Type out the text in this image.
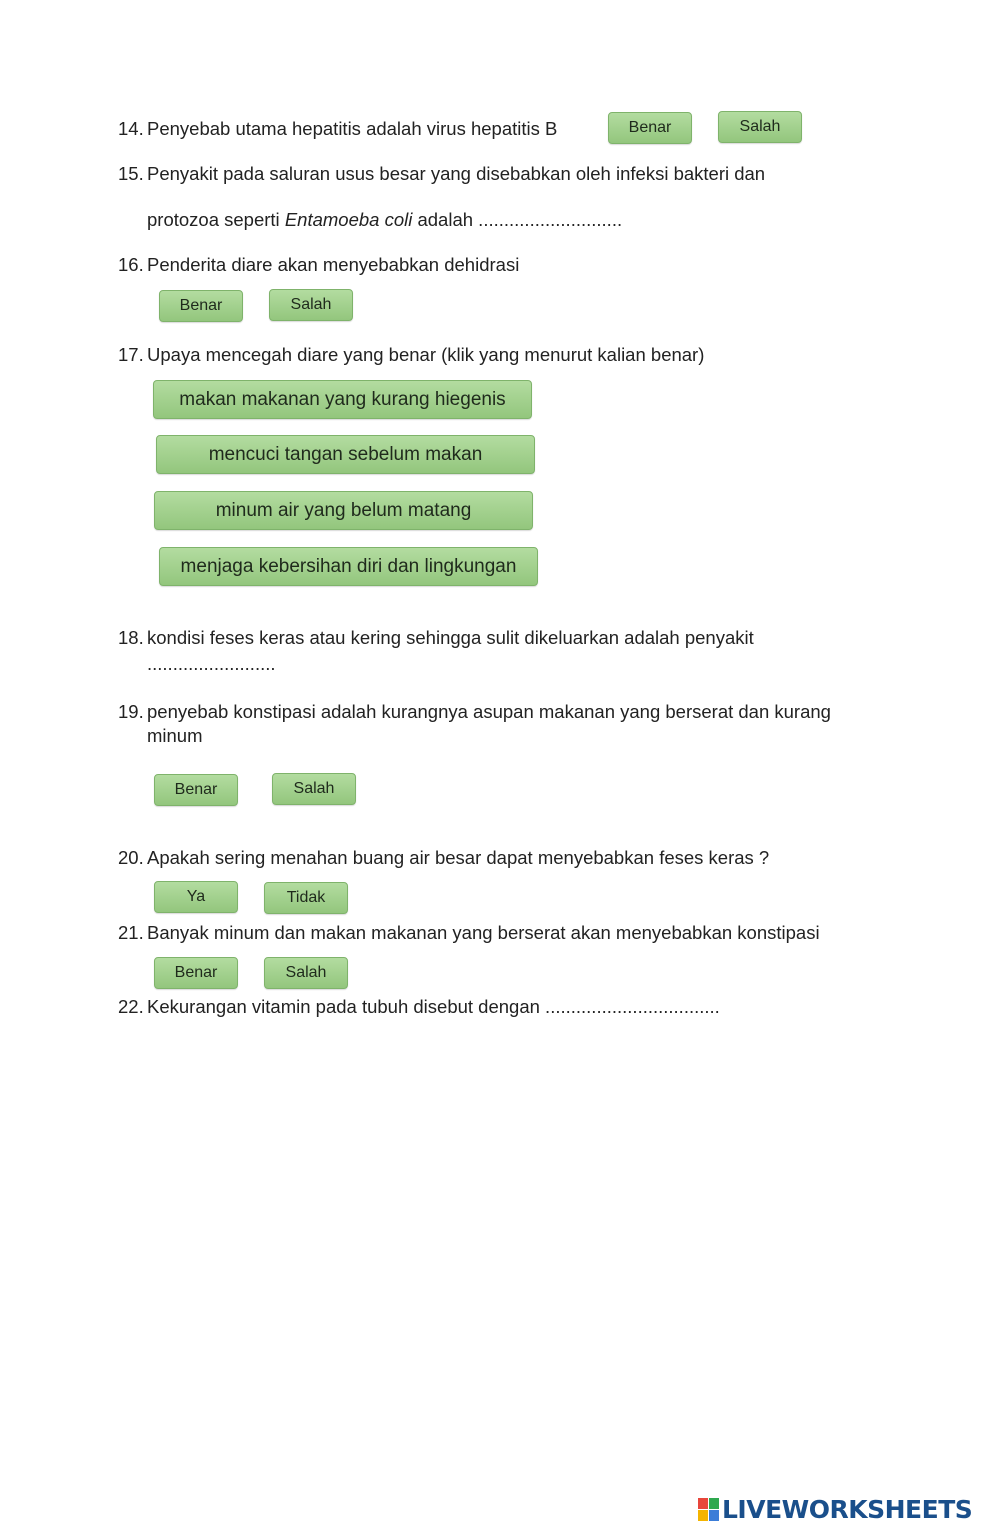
14. Penyebab utama hepatitis adalah virus hepatitis B	Benar	Salah
15. Penyakit pada saluran usus besar yang disebabkan oleh infeksi bakteri dan
protozoa seperti Entamoeba coli adalah ............................
16. Penderita diare akan menyebabkan dehidrasi
Benar	Salah
17. Upaya mencegah diare yang benar (klik yang menurut kalian benar)
makan makanan yang kurang hiegenis
mencuci tangan sebelum makan
minum air yang belum matang
menjaga kebersihan diri dan lingkungan
18. kondisi feses keras atau kering sehingga sulit dikeluarkan adalah penyakit
.........................
19. penyebab konstipasi adalah kurangnya asupan makanan yang berserat dan kurang
minum
Benar	Salah
20. Apakah sering menahan buang air besar dapat menyebabkan feses keras ?
Ya	Tidak
21. Banyak minum dan makan makanan yang berserat akan menyebabkan konstipasi
Benar	Salah
22. Kekurangan vitamin pada tubuh disebut dengan ..................................
LIVEWORKSHEETS
